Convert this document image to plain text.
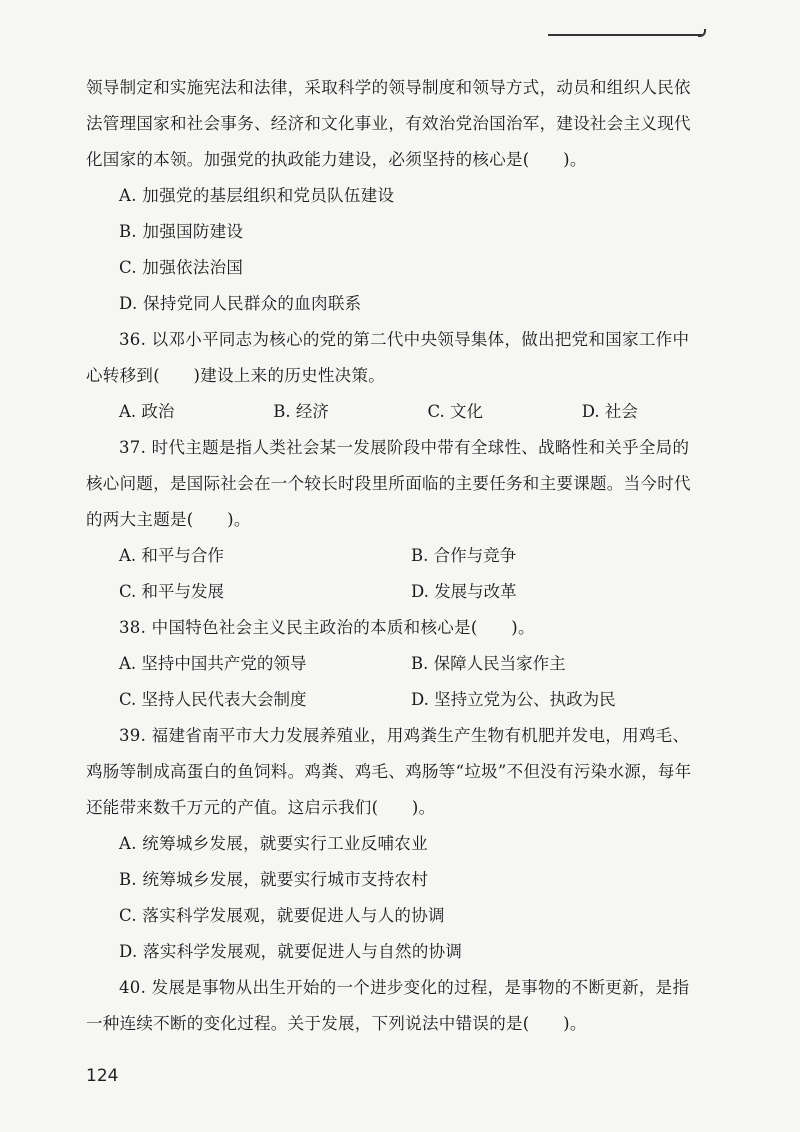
领导制定和实施宪法和法律，采取科学的领导制度和领导方式，动员和组织人民依
法管理国家和社会事务、经济和文化事业，有效治党治国治军，建设社会主义现代
化国家的本领。加强党的执政能力建设，必须坚持的核心是(　　)。
A. 加强党的基层组织和党员队伍建设
B. 加强国防建设
C. 加强依法治国
D. 保持党同人民群众的血肉联系
36. 以邓小平同志为核心的党的第二代中央领导集体，做出把党和国家工作中
心转移到(　　)建设上来的历史性决策。
A. 政治	B. 经济	C. 文化	D. 社会
37. 时代主题是指人类社会某一发展阶段中带有全球性、战略性和关乎全局的
核心问题，是国际社会在一个较长时段里所面临的主要任务和主要课题。当今时代
的两大主题是(　　)。
A. 和平与合作	B. 合作与竞争
C. 和平与发展	D. 发展与改革
38. 中国特色社会主义民主政治的本质和核心是(　　)。
A. 坚持中国共产党的领导	B. 保障人民当家作主
C. 坚持人民代表大会制度	D. 坚持立党为公、执政为民
39. 福建省南平市大力发展养殖业，用鸡粪生产生物有机肥并发电，用鸡毛、
鸡肠等制成高蛋白的鱼饲料。鸡粪、鸡毛、鸡肠等“垃圾”不但没有污染水源，每年
还能带来数千万元的产值。这启示我们(　　)。
A. 统筹城乡发展，就要实行工业反哺农业
B. 统筹城乡发展，就要实行城市支持农村
C. 落实科学发展观，就要促进人与人的协调
D. 落实科学发展观，就要促进人与自然的协调
40. 发展是事物从出生开始的一个进步变化的过程，是事物的不断更新，是指
一种连续不断的变化过程。关于发展，下列说法中错误的是(　　)。
124
